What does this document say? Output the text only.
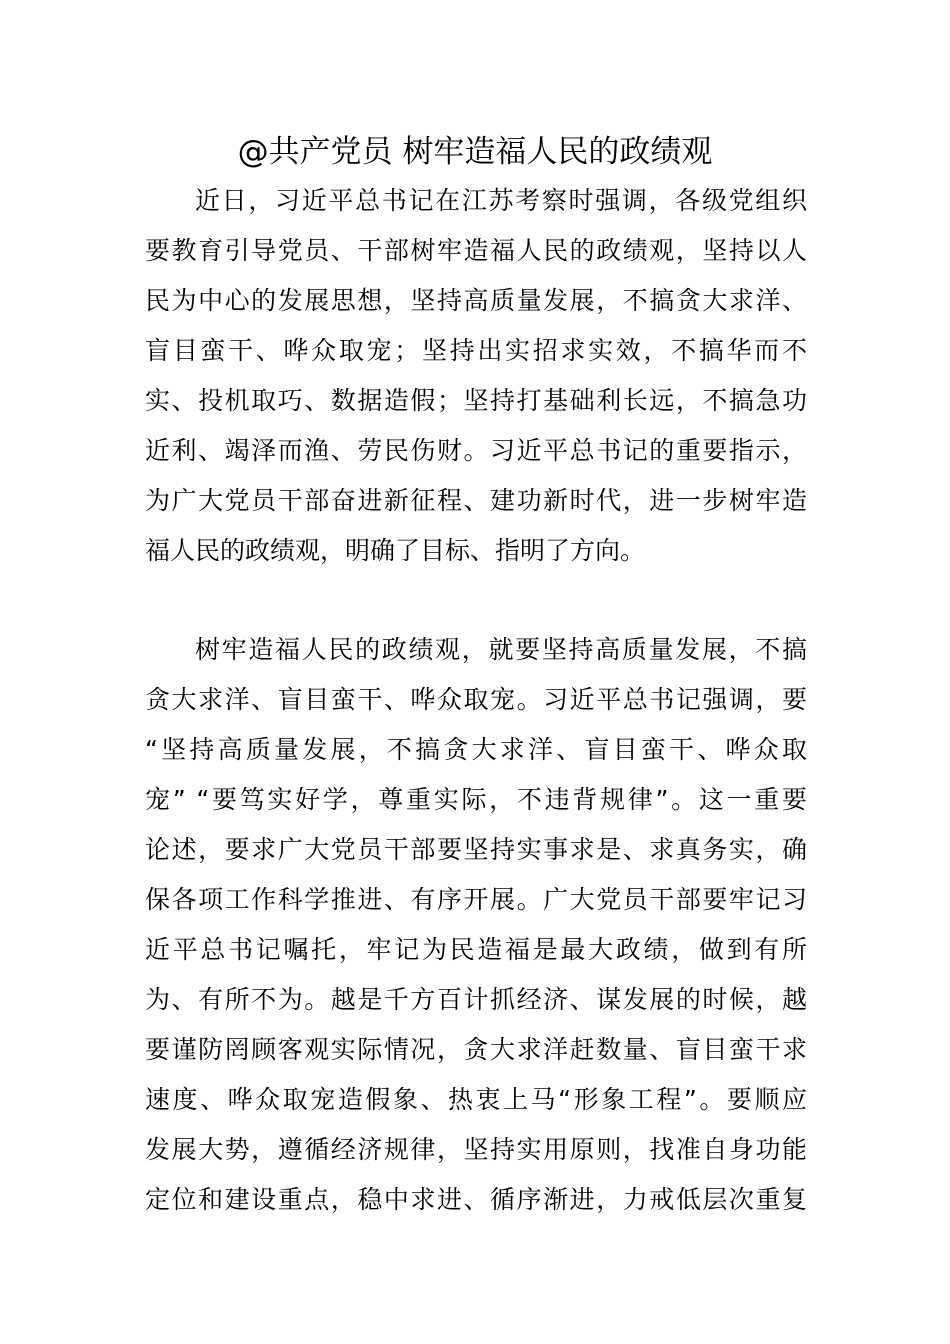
@共产党员 树牢造福人民的政绩观
近日，习近平总书记在江苏考察时强调，各级党组织
要教育引导党员、干部树牢造福人民的政绩观，坚持以人
民为中心的发展思想，坚持高质量发展，不搞贪大求洋、
盲目蛮干、哗众取宠；坚持出实招求实效，不搞华而不
实、投机取巧、数据造假；坚持打基础利长远，不搞急功
近利、竭泽而渔、劳民伤财。习近平总书记的重要指示，
为广大党员干部奋进新征程、建功新时代，进一步树牢造
福人民的政绩观，明确了目标、指明了方向。
树牢造福人民的政绩观，就要坚持高质量发展，不搞
贪大求洋、盲目蛮干、哗众取宠。习近平总书记强调，要
“坚持高质量发展，不搞贪大求洋、盲目蛮干、哗众取
宠” “要笃实好学，尊重实际，不违背规律”。这一重要
论述，要求广大党员干部要坚持实事求是、求真务实，确
保各项工作科学推进、有序开展。广大党员干部要牢记习
近平总书记嘱托，牢记为民造福是最大政绩，做到有所
为、有所不为。越是千方百计抓经济、谋发展的时候，越
要谨防罔顾客观实际情况，贪大求洋赶数量、盲目蛮干求
速度、哗众取宠造假象、热衷上马“形象工程”。要顺应
发展大势，遵循经济规律，坚持实用原则，找准自身功能
定位和建设重点，稳中求进、循序渐进，力戒低层次重复
